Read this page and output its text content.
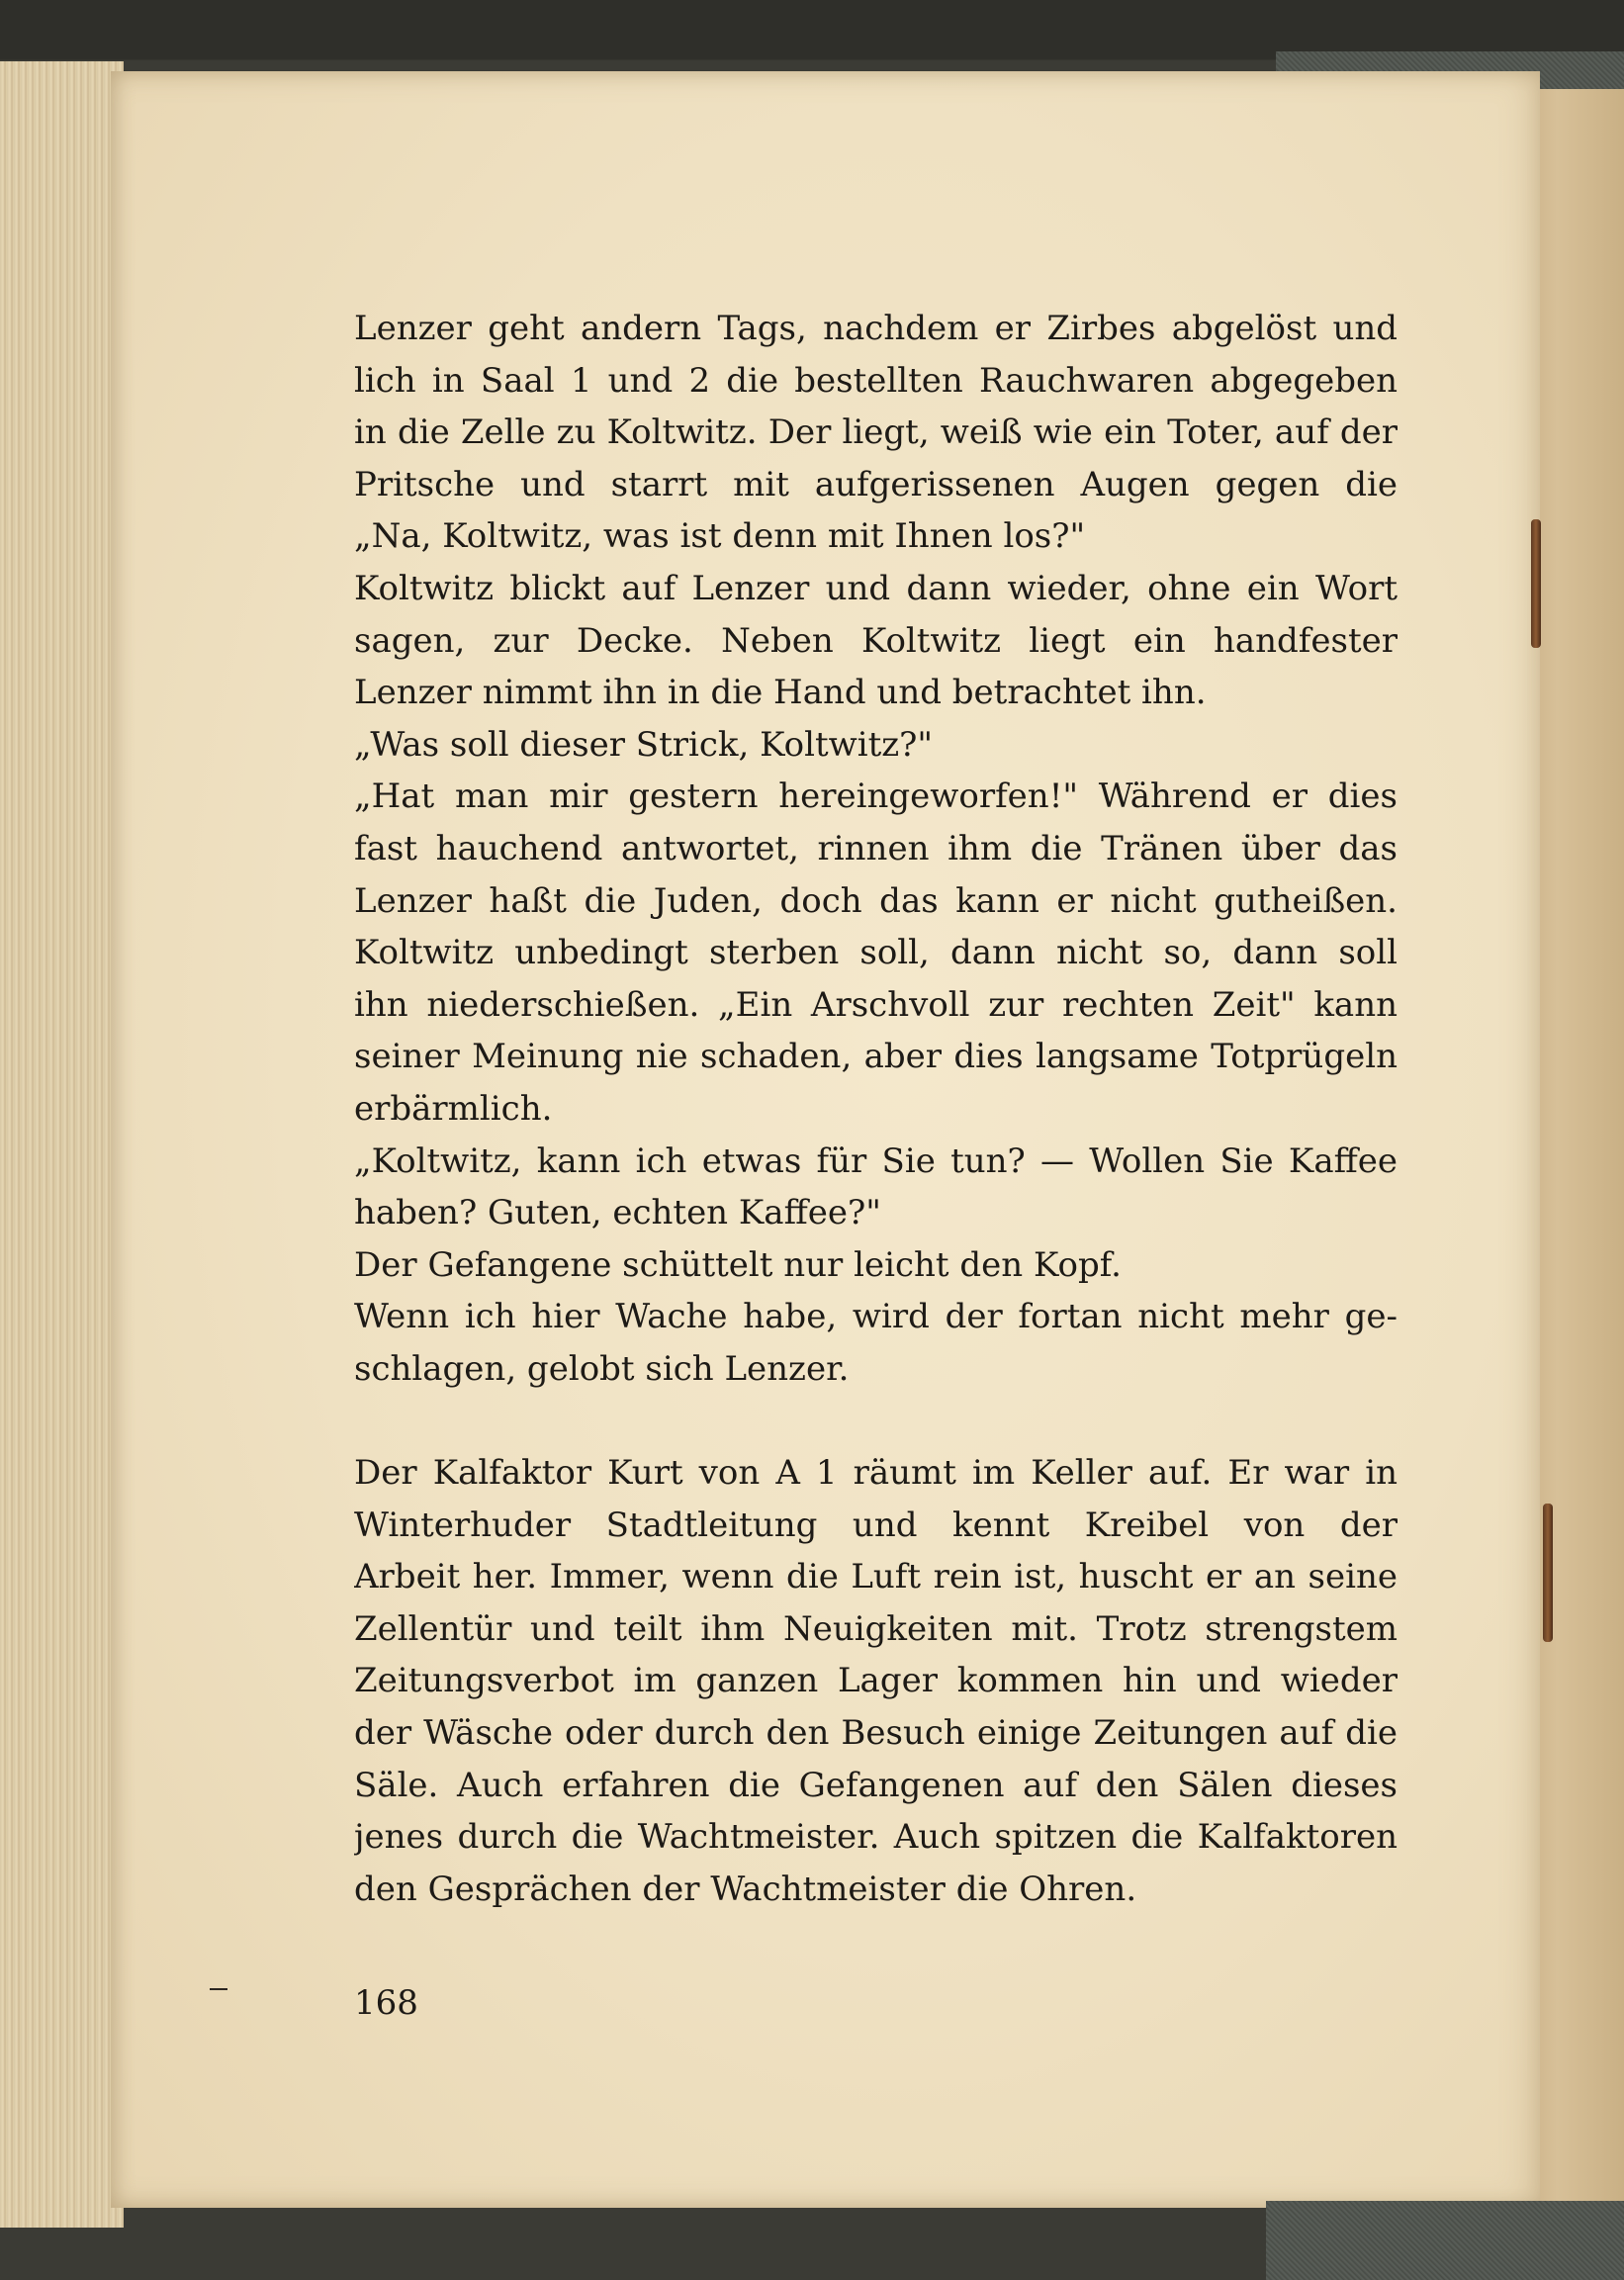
Lenzer geht andern Tags, nachdem er Zirbes abgelöst und
lich in Saal 1 und 2 die bestellten Rauchwaren abgegeben
in die Zelle zu Koltwitz. Der liegt, weiß wie ein Toter, auf der
Pritsche und starrt mit aufgerissenen Augen gegen die
„Na, Koltwitz, was ist denn mit Ihnen los?"
Koltwitz blickt auf Lenzer und dann wieder, ohne ein Wort
sagen, zur Decke. Neben Koltwitz liegt ein handfester
Lenzer nimmt ihn in die Hand und betrachtet ihn.
„Was soll dieser Strick, Koltwitz?"
„Hat man mir gestern hereingeworfen!" Während er dies
fast hauchend antwortet, rinnen ihm die Tränen über das
Lenzer haßt die Juden, doch das kann er nicht gutheißen.
Koltwitz unbedingt sterben soll, dann nicht so, dann soll
ihn niederschießen. „Ein Arschvoll zur rechten Zeit" kann
seiner Meinung nie schaden, aber dies langsame Totprügeln
erbärmlich.
„Koltwitz, kann ich etwas für Sie tun? — Wollen Sie Kaffee
haben? Guten, echten Kaffee?"
Der Gefangene schüttelt nur leicht den Kopf.
Wenn ich hier Wache habe, wird der fortan nicht mehr ge-
schlagen, gelobt sich Lenzer.
Der Kalfaktor Kurt von A 1 räumt im Keller auf. Er war in
Winterhuder Stadtleitung und kennt Kreibel von der
Arbeit her. Immer, wenn die Luft rein ist, huscht er an seine
Zellentür und teilt ihm Neuigkeiten mit. Trotz strengstem
Zeitungsverbot im ganzen Lager kommen hin und wieder
der Wäsche oder durch den Besuch einige Zeitungen auf die
Säle. Auch erfahren die Gefangenen auf den Sälen dieses
jenes durch die Wachtmeister. Auch spitzen die Kalfaktoren
den Gesprächen der Wachtmeister die Ohren.
168
